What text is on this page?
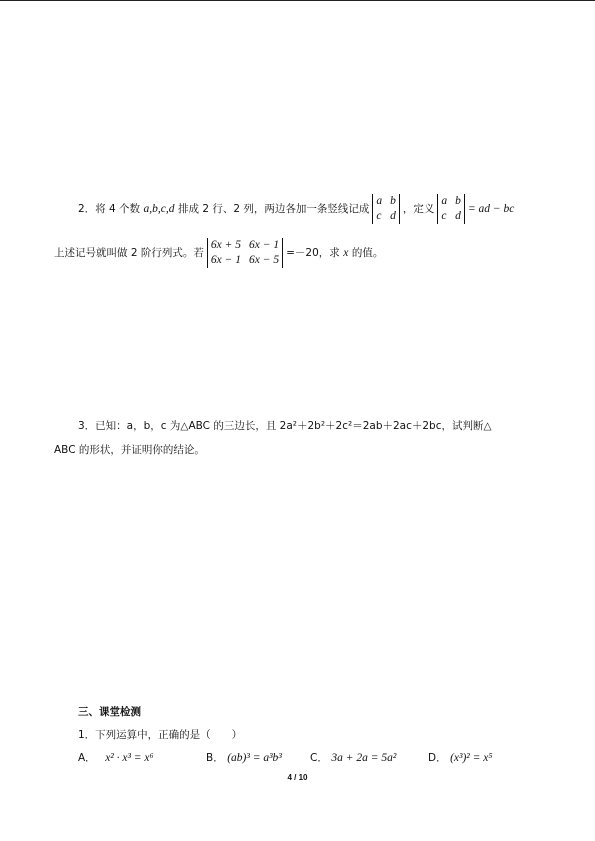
2．将 4 个数 a,b,c,d 排成 2 行、2 列，两边各加一条竖线记成
a b
c d
，定义
a b
c d
= ad − bc
上述记号就叫做 2 阶行列式。若
6x + 5 6x − 1
6x − 1 6x − 5
=－20，求 x 的值。
3．已知：a，b，c 为△ABC 的三边长，且 2a²＋2b²＋2c²＝2ab＋2ac＋2bc，试判断△
ABC 的形状，并证明你的结论。
三、课堂检测
1．下列运算中，正确的是（　　）
A． x² · x³ = x⁶	B． (ab)³ = a³b³	C． 3a + 2a = 5a²	D． (x³)² = x⁵
4 / 10
